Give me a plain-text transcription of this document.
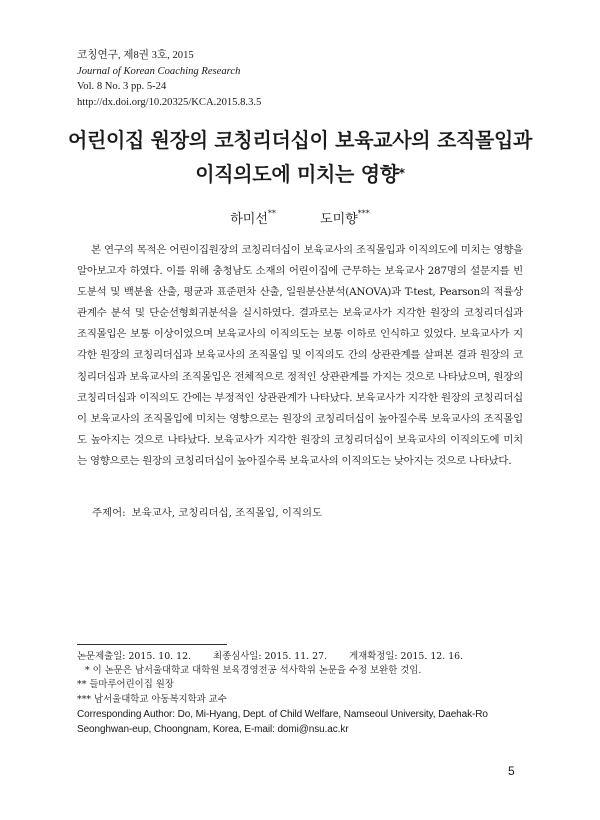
코칭연구, 제8권 3호, 2015
Journal of Korean Coaching Research
Vol. 8 No. 3 pp. 5-24
http://dx.doi.org/10.20325/KCA.2015.8.3.5
어린이집 원장의 코칭리더십이 보육교사의 조직몰입과
이직의도에 미치는 영향*
하미선**	도미향***
본 연구의 목적은 어린이집원장의 코칭리더십이 보육교사의 조직몰입과 이직의도에 미치는 영향을 알아보고자 하였다. 이를 위해 충청남도 소재의 어린이집에 근무하는 보육교사 287명의 설문지를 빈도분석 및 백분율 산출, 평균과 표준편차 산출, 일원분산분석(ANOVA)과 T-test, Pearson의 적률상관계수 분석 및 단순선형회귀분석을 실시하였다. 결과로는 보육교사가 지각한 원장의 코칭리더십과 조직몰입은 보통 이상이었으며 보육교사의 이직의도는 보통 이하로 인식하고 있었다. 보육교사가 지각한 원장의 코칭리더십과 보육교사의 조직몰입 및 이직의도 간의 상관관계를 살펴본 결과 원장의 코칭리더십과 보육교사의 조직몰입은 전체적으로 정적인 상관관계를 가지는 것으로 나타났으며, 원장의 코칭리더십과 이직의도 간에는 부정적인 상관관계가 나타났다. 보육교사가 지각한 원장의 코칭리더십이 보육교사의 조직몰입에 미치는 영향으로는 원장의 코칭리더십이 높아질수록 보육교사의 조직몰입도 높아지는 것으로 나타났다. 보육교사가 지각한 원장의 코칭리더십이 보육교사의 이직의도에 미치는 영향으로는 원장의 코칭리더십이 높아질수록 보육교사의 이직의도는 낮아지는 것으로 나타났다.
주제어: 보육교사, 코칭리더십, 조직몰입, 이직의도
논문제출일: 2015. 10. 12. 최종심사일: 2015. 11. 27. 게재확정일: 2015. 12. 16.
* 이 논문은 남서울대학교 대학원 보육경영전공 석사학위 논문을 수정 보완한 것임.
** 들마루어린이집 원장
*** 남서울대학교 아동복지학과 교수
Corresponding Author: Do, Mi-Hyang, Dept. of Child Welfare, Namseoul University, Daehak-Ro
Seonghwan-eup, Choongnam, Korea, E-mail: domi@nsu.ac.kr
5
